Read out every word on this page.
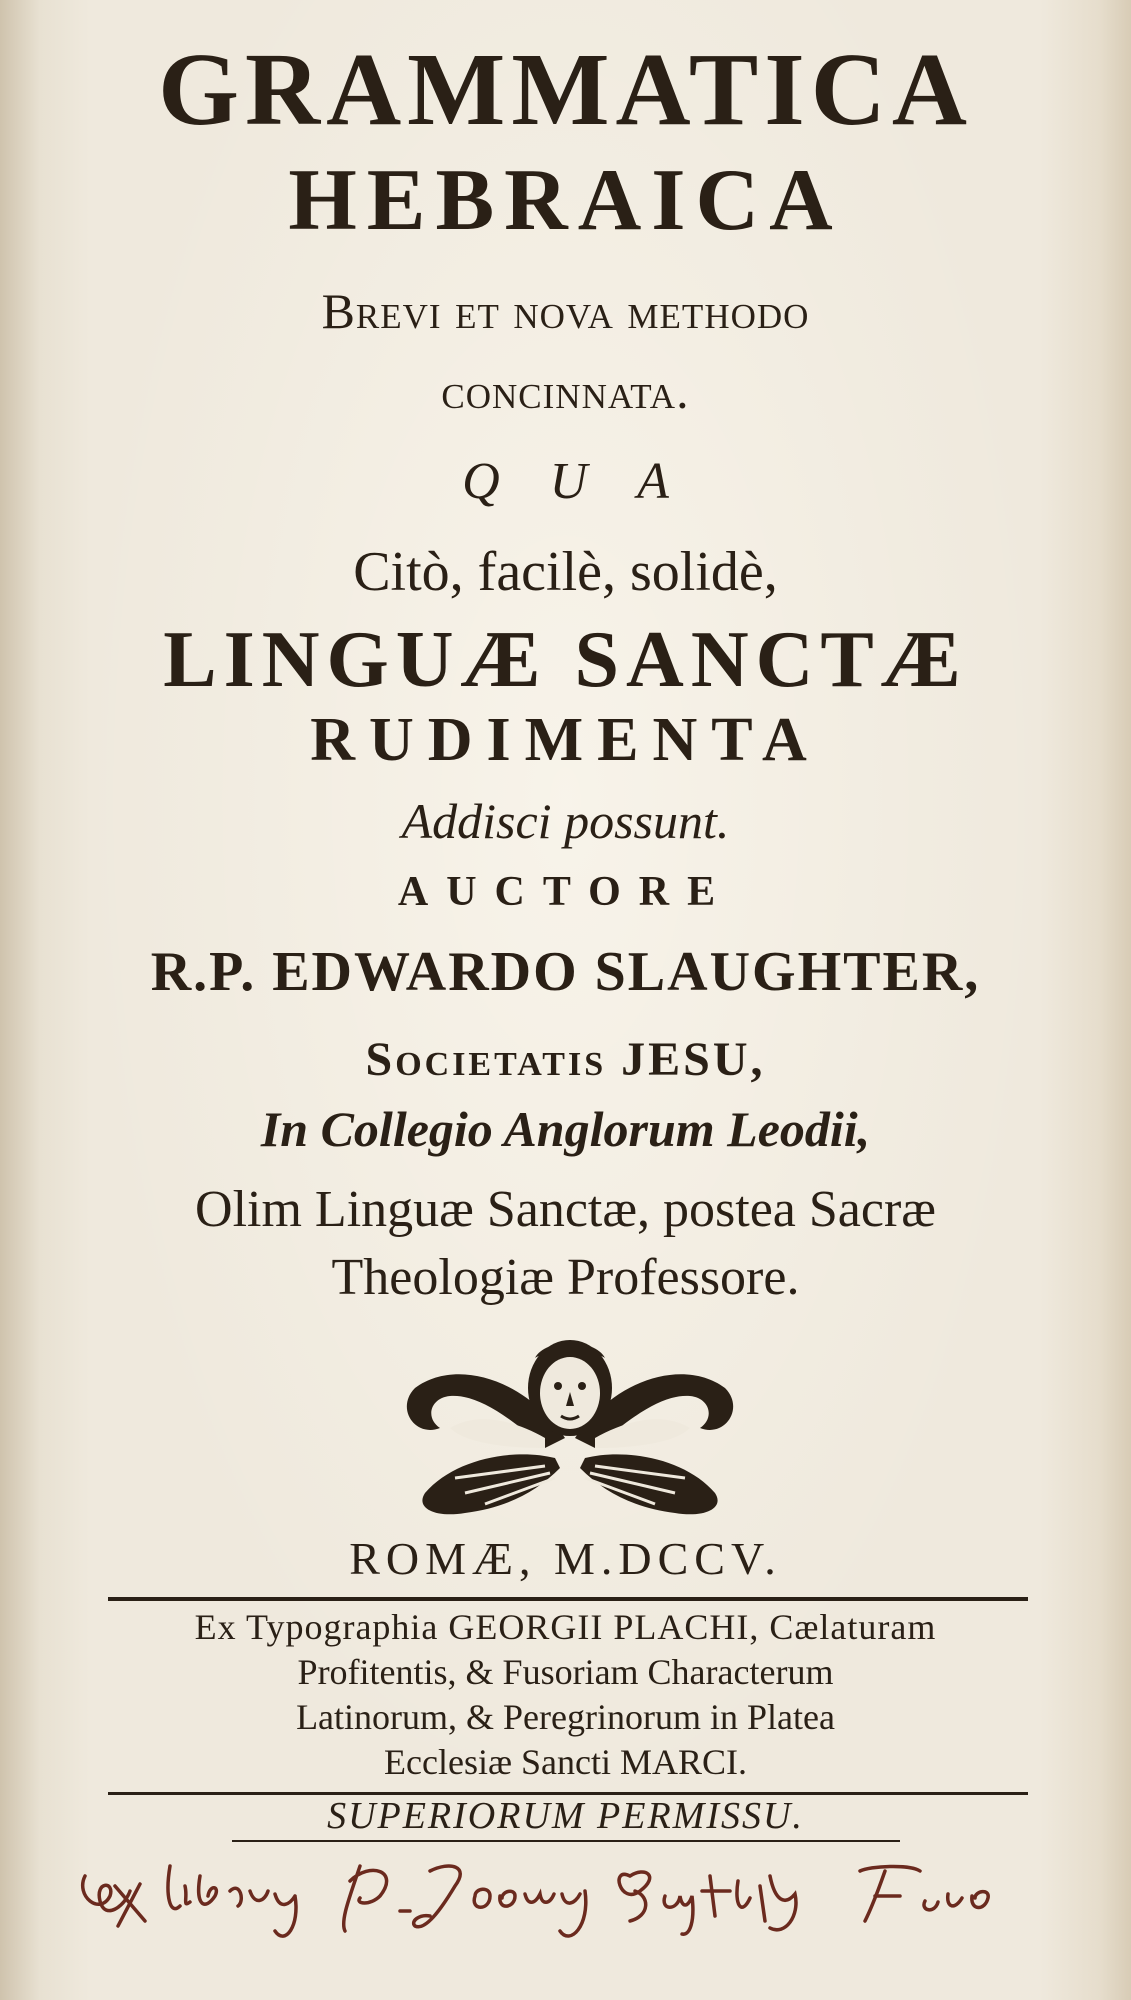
GRAMMATICA
HEBRAICA
Brevi et nova methodo
concinnata.
QUA
Citò, facilè, solidè,
LINGUÆ SANCTÆ
RUDIMENTA
Addisci possunt.
AUCTORE
R.P. EDWARDO SLAUGHTER,
Societatis JESU,
In Collegio Anglorum Leodii,
Olim Linguæ Sanctæ, postea Sacræ
Theologiæ Professore.
ROMÆ, M.DCCV.
Ex Typographia GEORGII PLACHI, Cælaturam
Profitentis, & Fusoriam Characterum
Latinorum, & Peregrinorum in Platea
Ecclesiæ Sancti MARCI.
SUPERIORUM PERMISSU.
